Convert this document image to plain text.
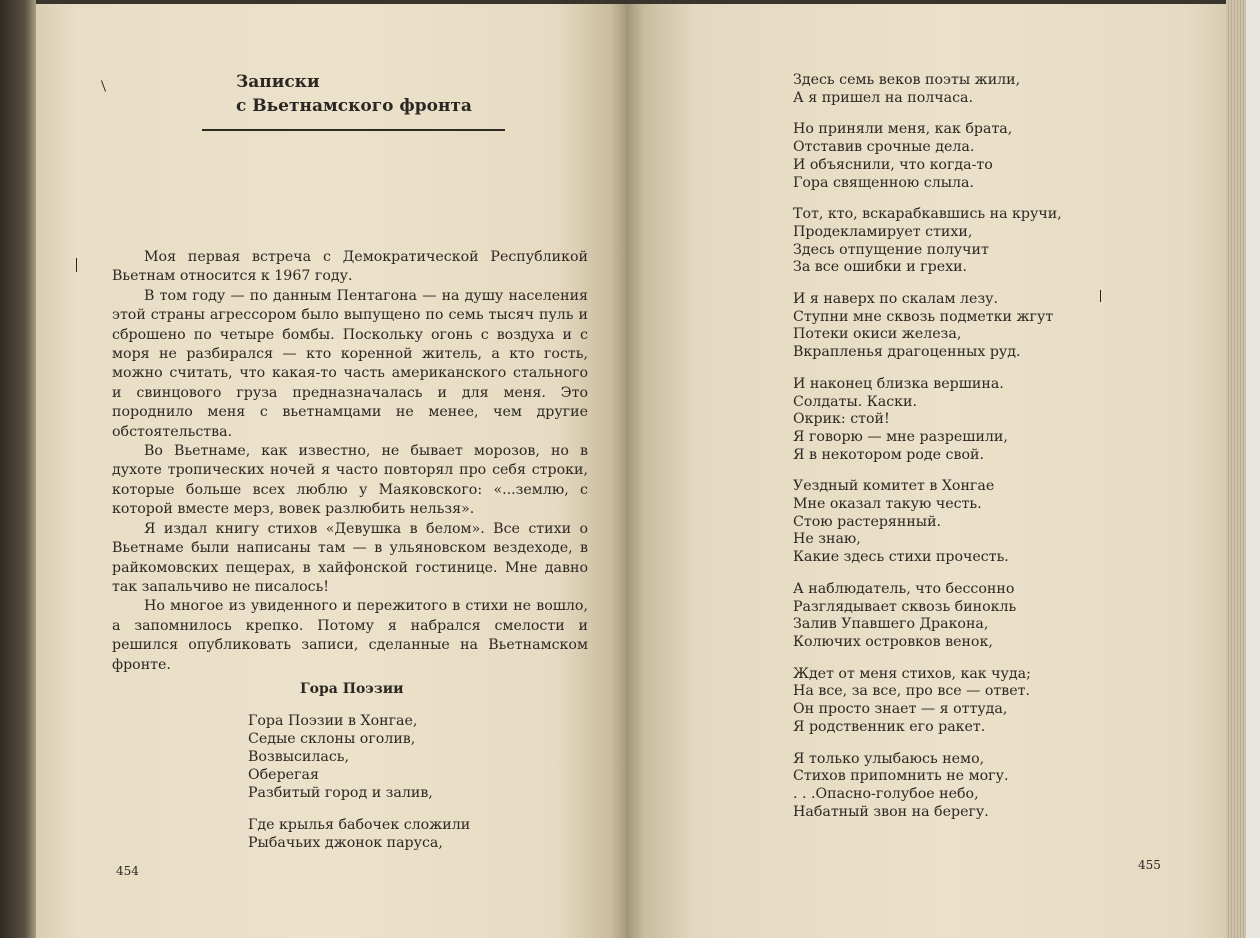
Записки
с Вьетнамского фронта

Моя первая встреча с Демократической Республикой Вьетнам относится к 1967 году.

В том году — по данным Пентагона — на душу населения этой страны агрессором было выпущено по семь тысяч пуль и сброшено по четыре бомбы. Поскольку огонь с воздуха и с моря не разбирался — кто коренной житель, а кто гость, можно считать, что какая-то часть американского стального и свинцового груза предназначалась и для меня. Это породнило меня с вьетнамцами не менее, чем другие обстоятельства.

Во Вьетнаме, как известно, не бывает морозов, но в духоте тропических ночей я часто повторял про себя строки, которые больше всех люблю у Маяковского: «...землю, с которой вместе мерз, вовек разлюбить нельзя».

Я издал книгу стихов «Девушка в белом». Все стихи о Вьетнаме были написаны там — в ульяновском вездеходе, в райкомовских пещерах, в хайфонской гостинице. Мне давно так запальчиво не писалось!

Но многое из увиденного и пережитого в стихи не вошло, а запомнилось крепко. Потому я набрался смелости и решился опубликовать записи, сделанные на Вьетнамском фронте.

Гора Поэзии
Гора Поэзии в Хонгае,
Седые склоны оголив,
Возвысилась,
Оберегая
Разбитый город и залив,
Где крылья бабочек сложили
Рыбачьих джонок паруса,
454
Здесь семь веков поэты жили,
А я пришел на полчаса.
Но приняли меня, как брата,
Отставив срочные дела.
И объяснили, что когда-то
Гора священною слыла.
Тот, кто, вскарабкавшись на кручи,
Продекламирует стихи,
Здесь отпущение получит
За все ошибки и грехи.
И я наверх по скалам лезу.
Ступни мне сквозь подметки жгут
Потеки окиси железа,
Вкрапленья драгоценных руд.
И наконец близка вершина.
Солдаты. Каски.
Окрик: стой!
Я говорю — мне разрешили,
Я в некотором роде свой.
Уездный комитет в Хонгае
Мне оказал такую честь.
Стою растерянный.
Не знаю,
Какие здесь стихи прочесть.
А наблюдатель, что бессонно
Разглядывает сквозь бинокль
Залив Упавшего Дракона,
Колючих островков венок,
Ждет от меня стихов, как чуда;
На все, за все, про все — ответ.
Он просто знает — я оттуда,
Я родственник его ракет.
Я только улыбаюсь немо,
Стихов припомнить не могу.
. . .Опасно-голубое небо,
Набатный звон на берегу.
455
